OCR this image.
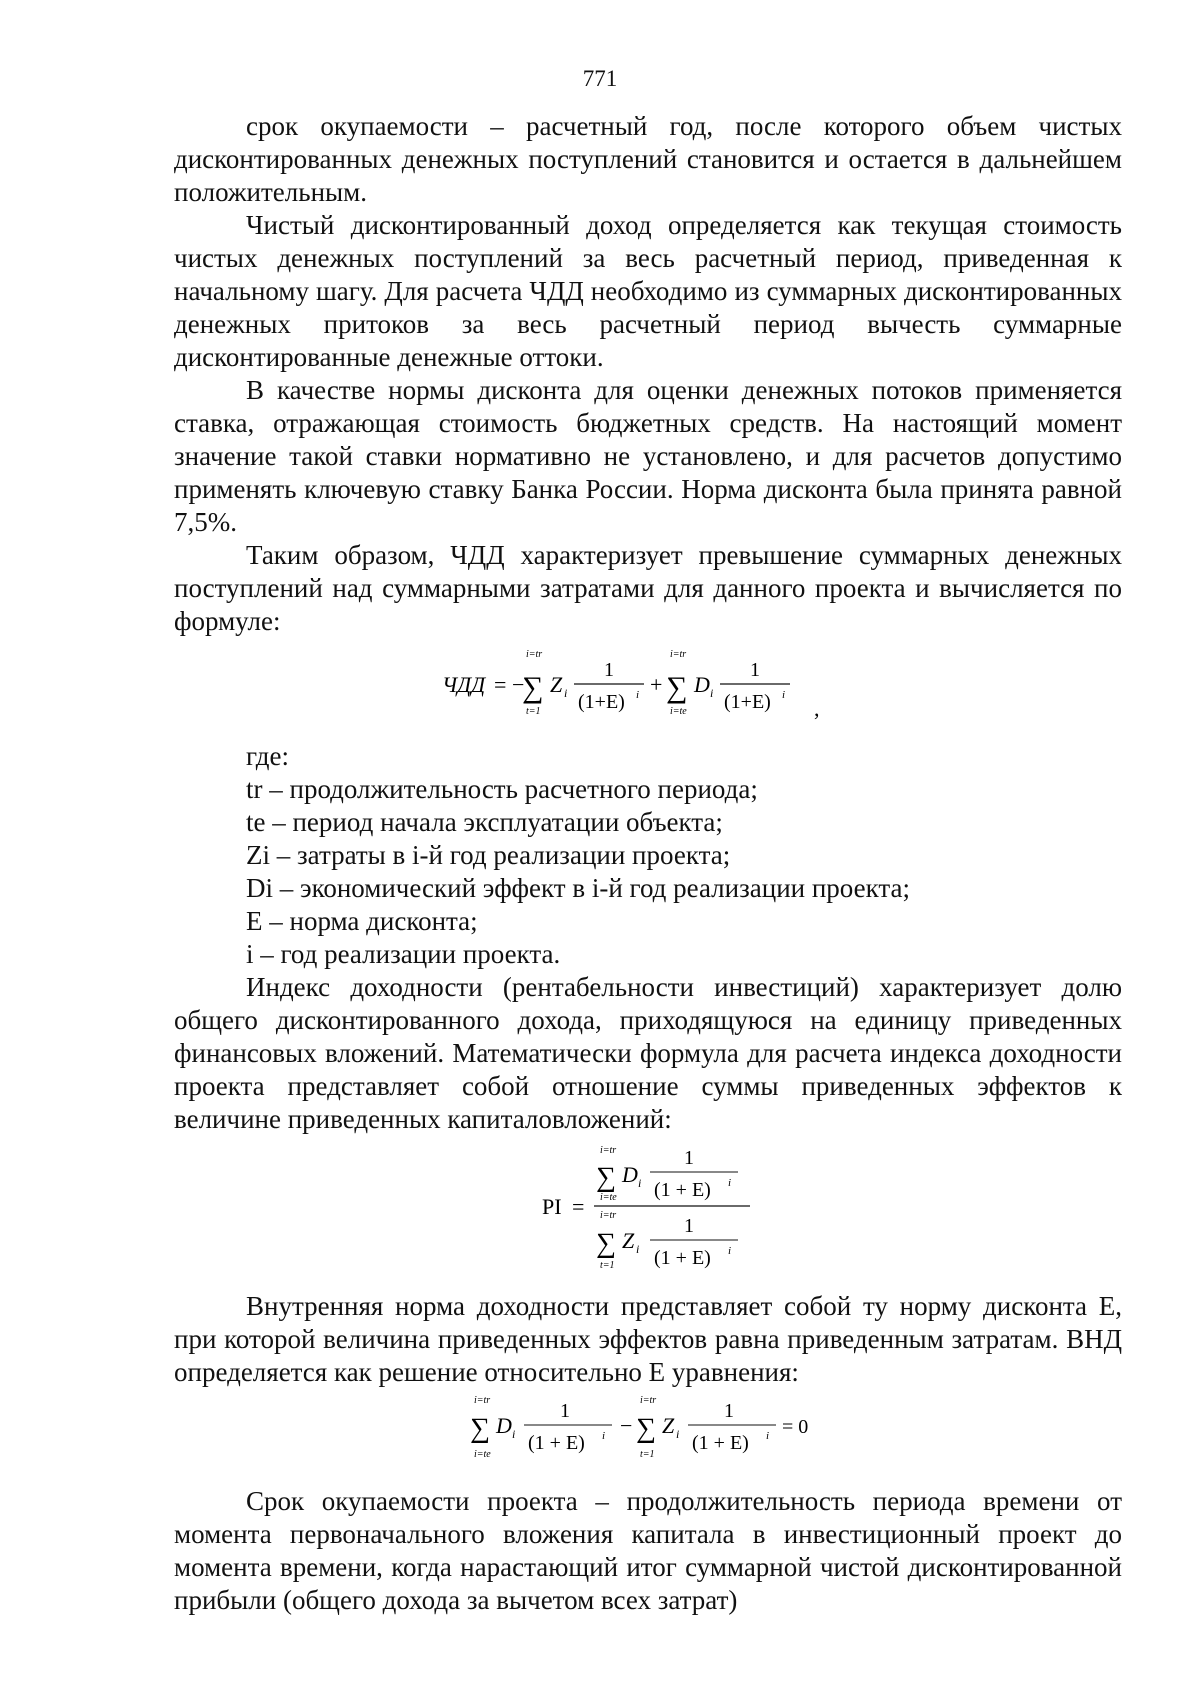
771

срок окупаемости – расчетный год, после которого объем чистых дисконтированных денежных поступлений становится и остается в дальнейшем положительным.

Чистый дисконтированный доход определяется как текущая стоимость чистых денежных поступлений за весь расчетный период, приведенная к начальному шагу. Для расчета ЧДД необходимо из суммарных дисконтированных денежных притоков за весь расчетный период вычесть суммарные дисконтированные денежные оттоки.

В качестве нормы дисконта для оценки денежных потоков применяется ставка, отражающая стоимость бюджетных средств. На настоящий момент значение такой ставки нормативно не установлено, и для расчетов допустимо применять ключевую ставку Банка России. Норма дисконта была принята равной 7,5%.

Таким образом, ЧДД характеризует превышение суммарных денежных поступлений над суммарными затратами для данного проекта и вычисляется по формуле:

ЧДД = −
i=tr
∑
t=1
Z i
1
(1+E) i +
i=tr
∑
i=te
D i
1
(1+E) i
,
где:
tr – продолжительность расчетного периода;
te – период начала эксплуатации объекта;
Zi – затраты в i-й год реализации проекта;
Di – экономический эффект в i-й год реализации проекта;
E – норма дисконта;
i – год реализации проекта.

Индекс доходности (рентабельности инвестиций) характеризует долю общего дисконтированного дохода, приходящуюся на единицу приведенных финансовых вложений. Математически формула для расчета индекса доходности проекта представляет собой отношение суммы приведенных эффектов к величине приведенных капиталовложений:

PI =
i=tr
∑
i=te
D i
1
(1 + E) i
i=tr
∑
t=1
Z i
1
(1 + E) i

Внутренняя норма доходности представляет собой ту норму дисконта Е, при которой величина приведенных эффектов равна приведенным затратам. ВНД определяется как решение относительно Е уравнения:

i=tr
∑
i=te
D i
1
(1 + E) i −
i=tr
∑
t=1
Z i
1
(1 + E) i = 0

Срок окупаемости проекта – продолжительность периода времени от момента первоначального вложения капитала в инвестиционный проект до момента времени, когда нарастающий итог суммарной чистой дисконтированной прибыли (общего дохода за вычетом всех затрат)
